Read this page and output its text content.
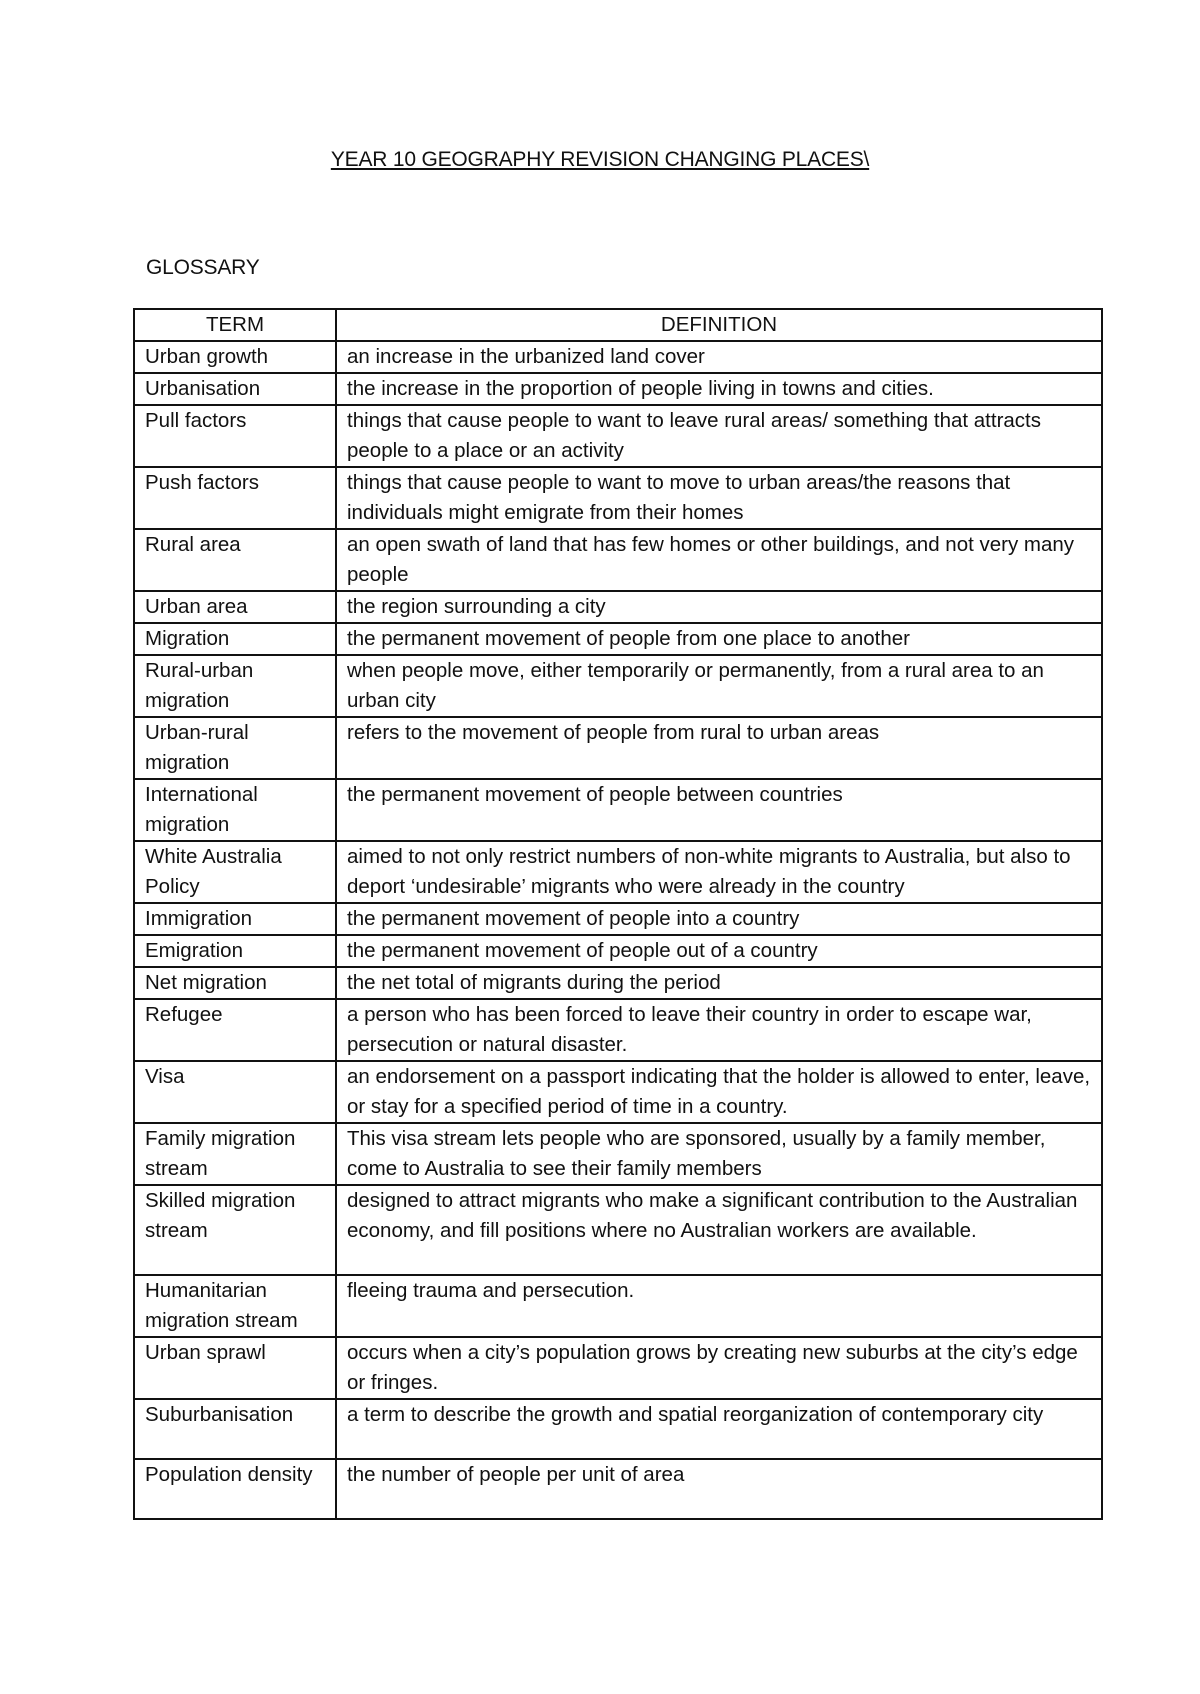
YEAR 10 GEOGRAPHY REVISION CHANGING PLACES\
GLOSSARY
TERM	DEFINITION
Urban growth	an increase in the urbanized land cover
Urbanisation	the increase in the proportion of people living in towns and cities.
Pull factors	things that cause people to want to leave rural areas/ something that attracts people to a place or an activity
Push factors	things that cause people to want to move to urban areas/the reasons that individuals might emigrate from their homes
Rural area	an open swath of land that has few homes or other buildings, and not very many people
Urban area	the region surrounding a city
Migration	the permanent movement of people from one place to another
Rural-urban migration	when people move, either temporarily or permanently, from a rural area to an urban city
Urban-rural migration	refers to the movement of people from rural to urban areas
International migration	the permanent movement of people between countries
White Australia Policy	aimed to not only restrict numbers of non-white migrants to Australia, but also to deport ‘undesirable’ migrants who were already in the country
Immigration	the permanent movement of people into a country
Emigration	the permanent movement of people out of a country
Net migration	the net total of migrants during the period
Refugee	a person who has been forced to leave their country in order to escape war, persecution or natural disaster.
Visa	an endorsement on a passport indicating that the holder is allowed to enter, leave, or stay for a specified period of time in a country.
Family migration stream	This visa stream lets people who are sponsored, usually by a family member, come to Australia to see their family members
Skilled migration stream	designed to attract migrants who make a significant contribution to the Australian economy, and fill positions where no Australian workers are available.
Humanitarian migration stream	fleeing trauma and persecution.
Urban sprawl	occurs when a city’s population grows by creating new suburbs at the city’s edge or fringes.
Suburbanisation	a term to describe the growth and spatial reorganization of contemporary city
Population density	the number of people per unit of area
